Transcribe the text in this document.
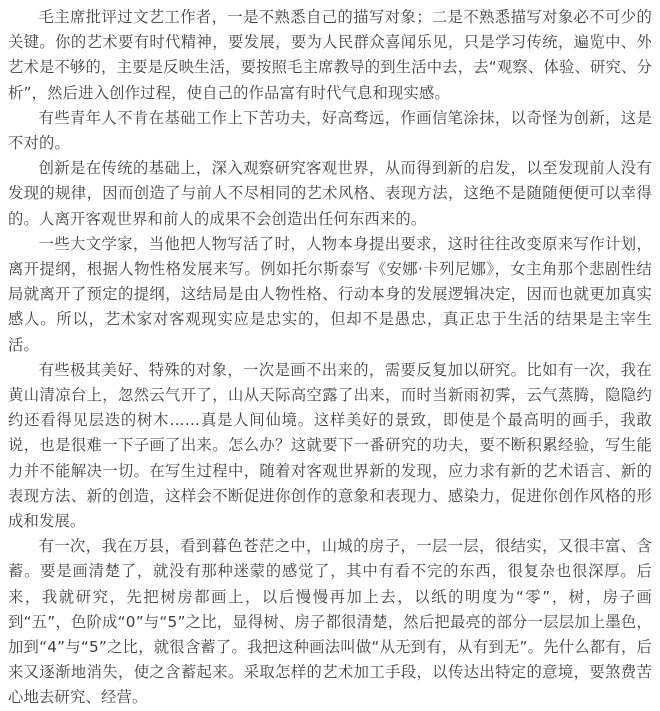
毛主席批评过文艺工作者，一是不熟悉自己的描写对象；二是不熟悉描写对象必不可少的关键。你的艺术要有时代精神，要发展，要为人民群众喜闻乐见，只是学习传统，遍览中、外艺术是不够的，主要是反映生活，要按照毛主席教导的到生活中去，去“观察、体验、研究、分析”，然后进入创作过程，使自己的作品富有时代气息和现实感。

有些青年人不肯在基础工作上下苦功夫，好高骛远，作画信笔涂抹，以奇怪为创新，这是不对的。

创新是在传统的基础上，深入观察研究客观世界，从而得到新的启发，以至发现前人没有发现的规律，因而创造了与前人不尽相同的艺术风格、表现方法，这绝不是随随便便可以幸得的。人离开客观世界和前人的成果不会创造出任何东西来的。

一些大文学家，当他把人物写活了时，人物本身提出要求，这时往往改变原来写作计划，离开提纲，根据人物性格发展来写。例如托尔斯泰写《安娜·卡列尼娜》，女主角那个悲剧性结局就离开了预定的提纲，这结局是由人物性格、行动本身的发展逻辑决定，因而也就更加真实感人。所以，艺术家对客观现实应是忠实的，但却不是愚忠，真正忠于生活的结果是主宰生活。

有些极其美好、特殊的对象，一次是画不出来的，需要反复加以研究。比如有一次，我在黄山清凉台上，忽然云气开了，山从天际高空露了出来，而时当新雨初霁，云气蒸腾，隐隐约约还看得见层迭的树木……真是人间仙境。这样美好的景致，即使是个最高明的画手，我敢说，也是很难一下子画了出来。怎么办？这就要下一番研究的功夫，要不断积累经验，写生能力并不能解决一切。在写生过程中，随着对客观世界新的发现，应力求有新的艺术语言、新的表现方法、新的创造，这样会不断促进你创作的意象和表现力、感染力，促进你创作风格的形成和发展。

有一次，我在万县，看到暮色苍茫之中，山城的房子，一层一层，很结实，又很丰富、含蓄。要是画清楚了，就没有那种迷蒙的感觉了，其中有看不完的东西，很复杂也很深厚。后来，我就研究，先把树房都画上，以后慢慢再加上去，以纸的明度为“零”，树，房子画到“五”，色阶成“0”与“5”之比，显得树、房子都很清楚，然后把最亮的部分一层层加上墨色，加到“4”与“5”之比，就很含蓄了。我把这种画法叫做“从无到有，从有到无”。先什么都有，后来又逐渐地消失，使之含蓄起来。采取怎样的艺术加工手段，以传达出特定的意境，要煞费苦心地去研究、经营。
